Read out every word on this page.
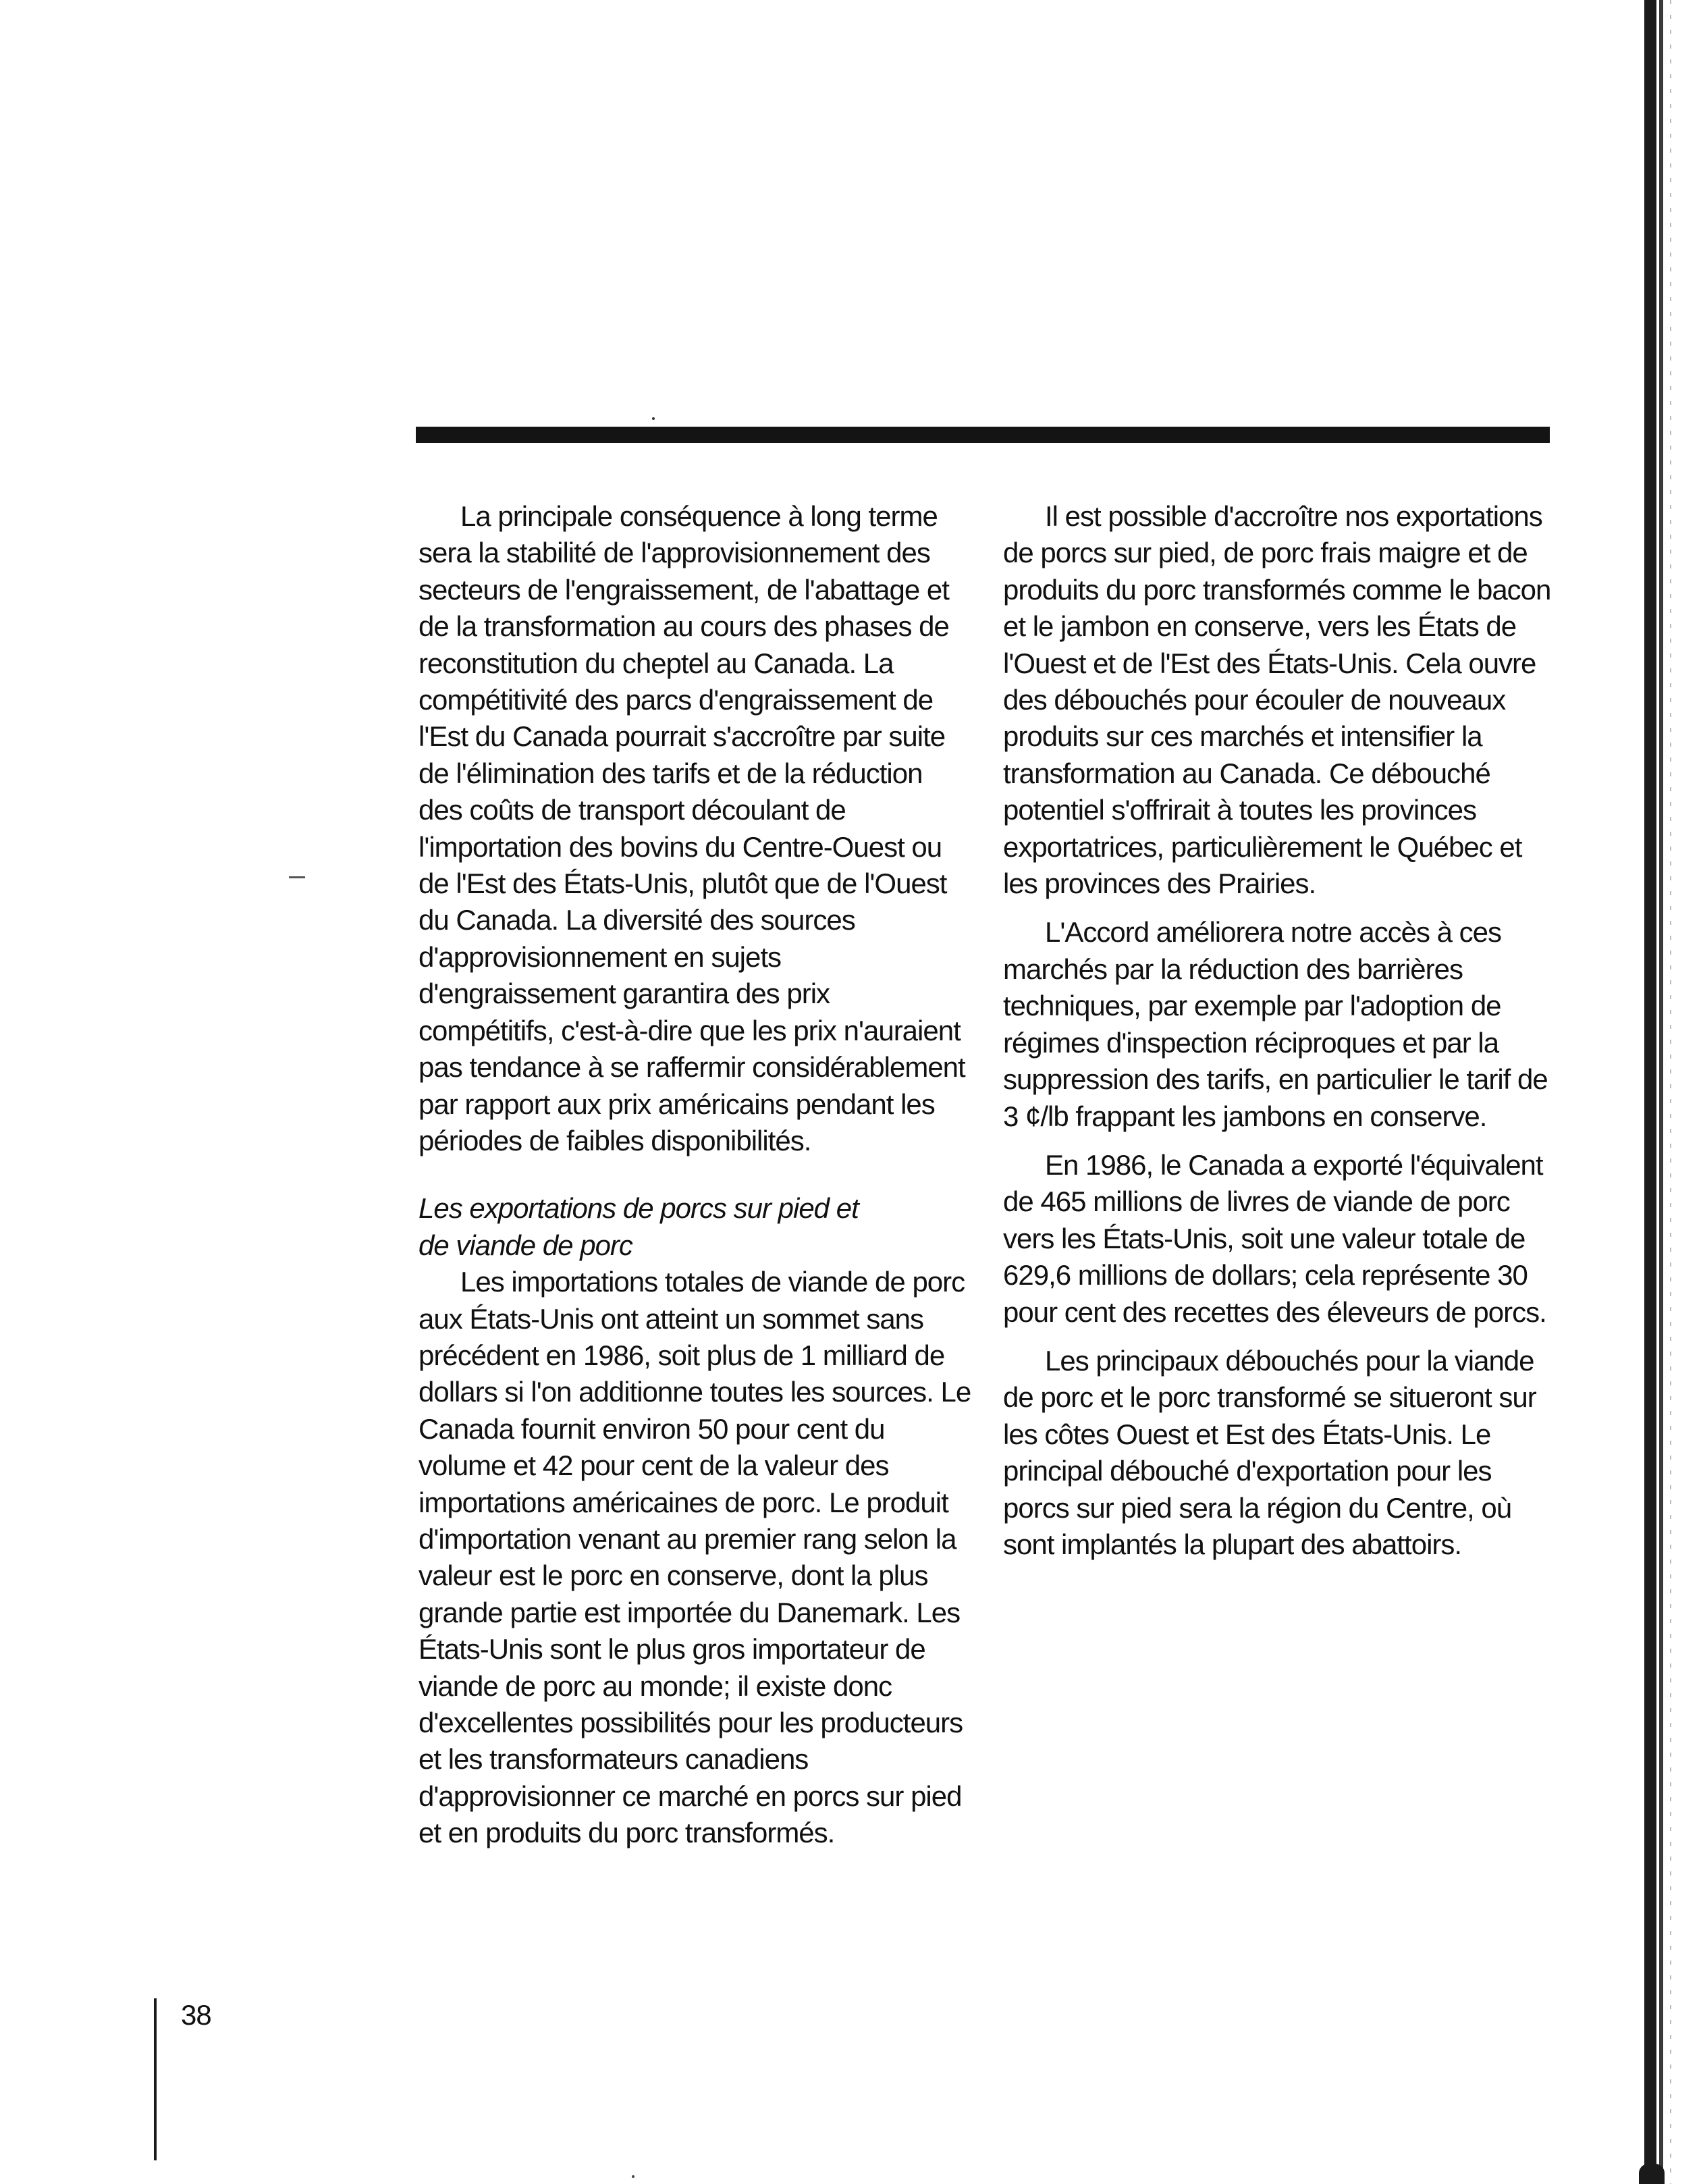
La principale conséquence à long terme sera la stabilité de l'approvisionnement des secteurs de l'engraissement, de l'abattage et de la transformation au cours des phases de reconstitution du cheptel au Canada. La compétitivité des parcs d'engraissement de l'Est du Canada pourrait s'accroître par suite de l'élimination des tarifs et de la réduction des coûts de transport découlant de l'importation des bovins du Centre-Ouest ou de l'Est des États-Unis, plutôt que de l'Ouest du Canada. La diversité des sources d'approvisionnement en sujets d'engraissement garantira des prix compétitifs, c'est-à-dire que les prix n'auraient pas tendance à se raffermir considérablement par rapport aux prix américains pendant les périodes de faibles disponibilités.

Les exportations de porcs sur pied et

de viande de porc

Les importations totales de viande de porc aux États-Unis ont atteint un sommet sans précédent en 1986, soit plus de 1 milliard de dollars si l'on additionne toutes les sources. Le Canada fournit environ 50 pour cent du volume et 42 pour cent de la valeur des importations américaines de porc. Le produit d'importation venant au premier rang selon la valeur est le porc en conserve, dont la plus grande partie est importée du Danemark. Les États-Unis sont le plus gros importateur de viande de porc au monde; il existe donc d'excellentes possibilités pour les producteurs et les transformateurs canadiens d'approvisionner ce marché en porcs sur pied et en produits du porc transformés.

Il est possible d'accroître nos exportations de porcs sur pied, de porc frais maigre et de produits du porc transformés comme le bacon et le jambon en conserve, vers les États de l'Ouest et de l'Est des États-Unis. Cela ouvre des débouchés pour écouler de nouveaux produits sur ces marchés et intensifier la transformation au Canada. Ce débouché potentiel s'offrirait à toutes les provinces exportatrices, particulièrement le Québec et les provinces des Prairies.

L'Accord améliorera notre accès à ces marchés par la réduction des barrières techniques, par exemple par l'adoption de régimes d'inspection réciproques et par la suppression des tarifs, en particulier le tarif de 3 ¢/lb frappant les jambons en conserve.

En 1986, le Canada a exporté l'équivalent de 465 millions de livres de viande de porc vers les États-Unis, soit une valeur totale de 629,6 millions de dollars; cela représente 30 pour cent des recettes des éleveurs de porcs.

Les principaux débouchés pour la viande de porc et le porc transformé se situeront sur les côtes Ouest et Est des États-Unis. Le principal débouché d'exportation pour les porcs sur pied sera la région du Centre, où sont implantés la plupart des abattoirs.

38
